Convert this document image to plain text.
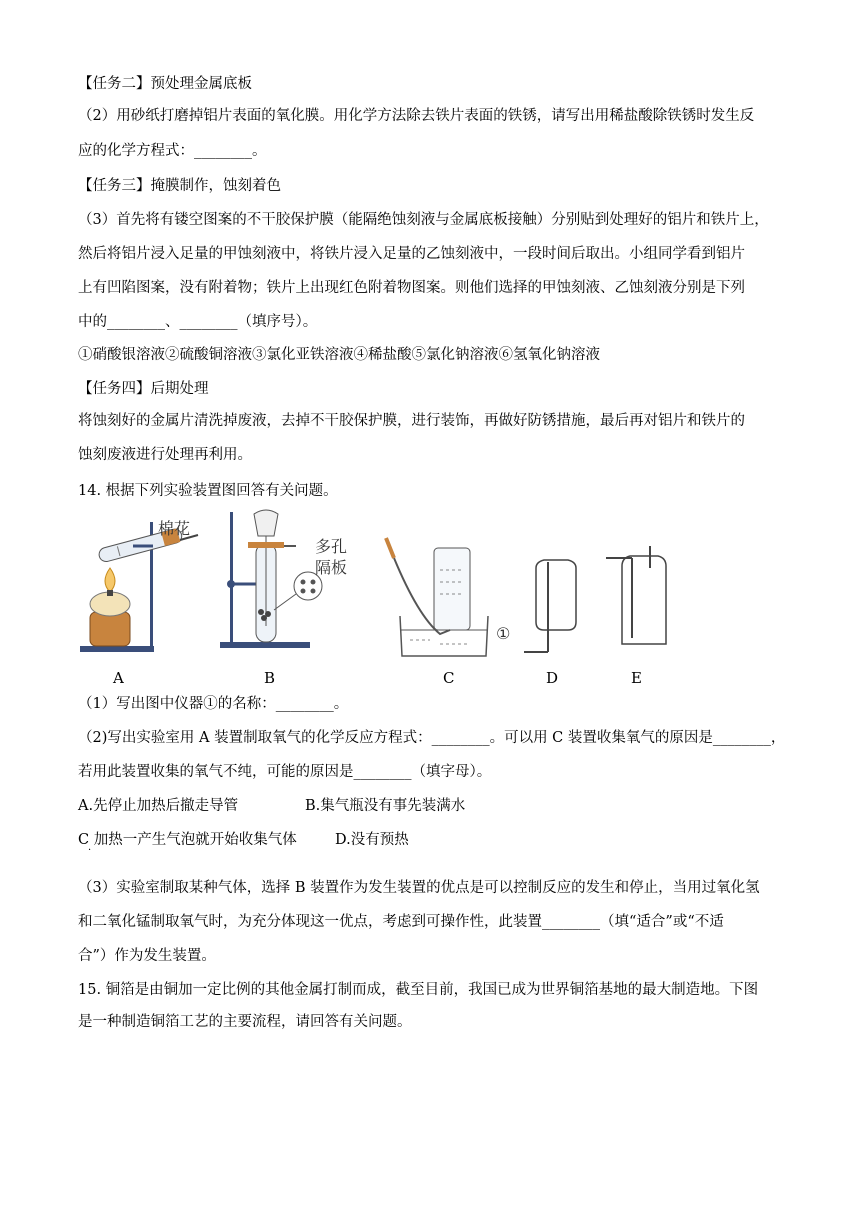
【任务二】预处理金属底板
（2）用砂纸打磨掉铝片表面的氧化膜。用化学方法除去铁片表面的铁锈，请写出用稀盐酸除铁锈时发生反
应的化学方程式：________。
【任务三】掩膜制作，蚀刻着色
（3）首先将有镂空图案的不干胶保护膜（能隔绝蚀刻液与金属底板接触）分别贴到处理好的铝片和铁片上，
然后将铝片浸入足量的甲蚀刻液中，将铁片浸入足量的乙蚀刻液中，一段时间后取出。小组同学看到铝片
上有凹陷图案，没有附着物；铁片上出现红色附着物图案。则他们选择的甲蚀刻液、乙蚀刻液分别是下列
中的________、________（填序号）。
①硝酸银溶液②硫酸铜溶液③氯化亚铁溶液④稀盐酸⑤氯化钠溶液⑥氢氧化钠溶液
【任务四】后期处理
将蚀刻好的金属片清洗掉废液，去掉不干胶保护膜，进行装饰，再做好防锈措施，最后再对铝片和铁片的
蚀刻废液进行处理再利用。
14. 根据下列实验装置图回答有关问题。
棉花
多孔
隔板
①
A	B	C	D	E
（1）写出图中仪器①的名称：________。
（2)写出实验室用 A 装置制取氧气的化学反应方程式：________。可以用 C 装置收集氧气的原因是________，
若用此装置收集的氧气不纯，可能的原因是________（填字母）。
A.先停止加热后撤走导管	B.集气瓶没有事先装满水
C 加热一产生气泡就开始收集气体	D.没有预热
·
（3）实验室制取某种气体，选择 B 装置作为发生装置的优点是可以控制反应的发生和停止，当用过氧化氢
和二氧化锰制取氧气时，为充分体现这一优点，考虑到可操作性，此装置________（填“适合”或“不适
合”）作为发生装置。
15. 铜箔是由铜加一定比例的其他金属打制而成，截至目前，我国已成为世界铜箔基地的最大制造地。下图
是一种制造铜箔工艺的主要流程，请回答有关问题。
